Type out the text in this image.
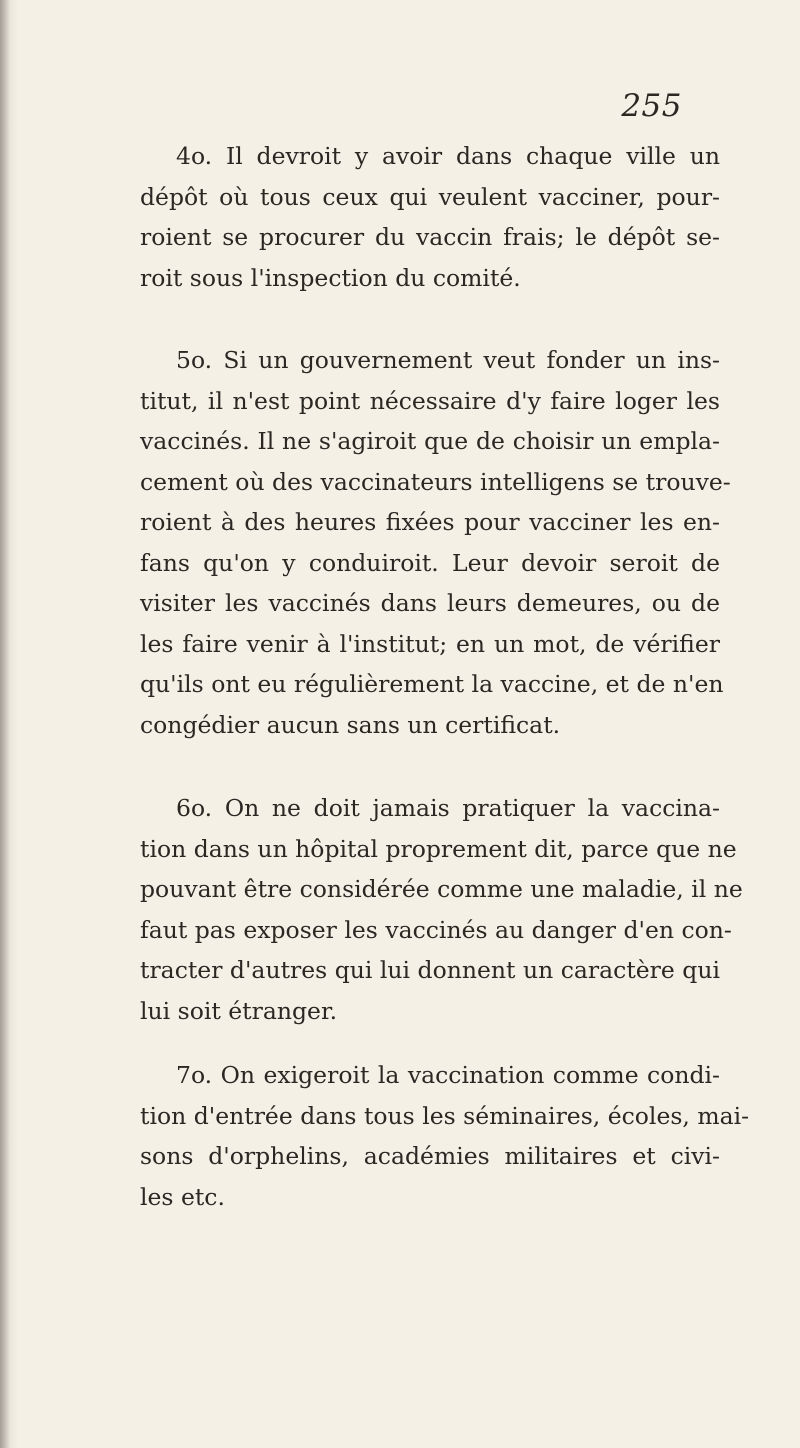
255
4o. Il devroit y avoir dans chaque ville un
dépôt où tous ceux qui veulent vacciner, pour-
roient se procurer du vaccin frais; le dépôt se-
roit sous l'inspection du comité.
5o. Si un gouvernement veut fonder un ins-
titut, il n'est point nécessaire d'y faire loger les
vaccinés. Il ne s'agiroit que de choisir un empla-
cement où des vaccinateurs intelligens se trouve-
roient à des heures fixées pour vacciner les en-
fans qu'on y conduiroit. Leur devoir seroit de
visiter les vaccinés dans leurs demeures, ou de
les faire venir à l'institut; en un mot, de vérifier
qu'ils ont eu régulièrement la vaccine, et de n'en
congédier aucun sans un certificat.
6o. On ne doit jamais pratiquer la vaccina-
tion dans un hôpital proprement dit, parce que ne
pouvant être considérée comme une maladie, il ne
faut pas exposer les vaccinés au danger d'en con-
tracter d'autres qui lui donnent un caractère qui
lui soit étranger.
7o. On exigeroit la vaccination comme condi-
tion d'entrée dans tous les séminaires, écoles, mai-
sons d'orphelins, académies militaires et civi-
les etc.
